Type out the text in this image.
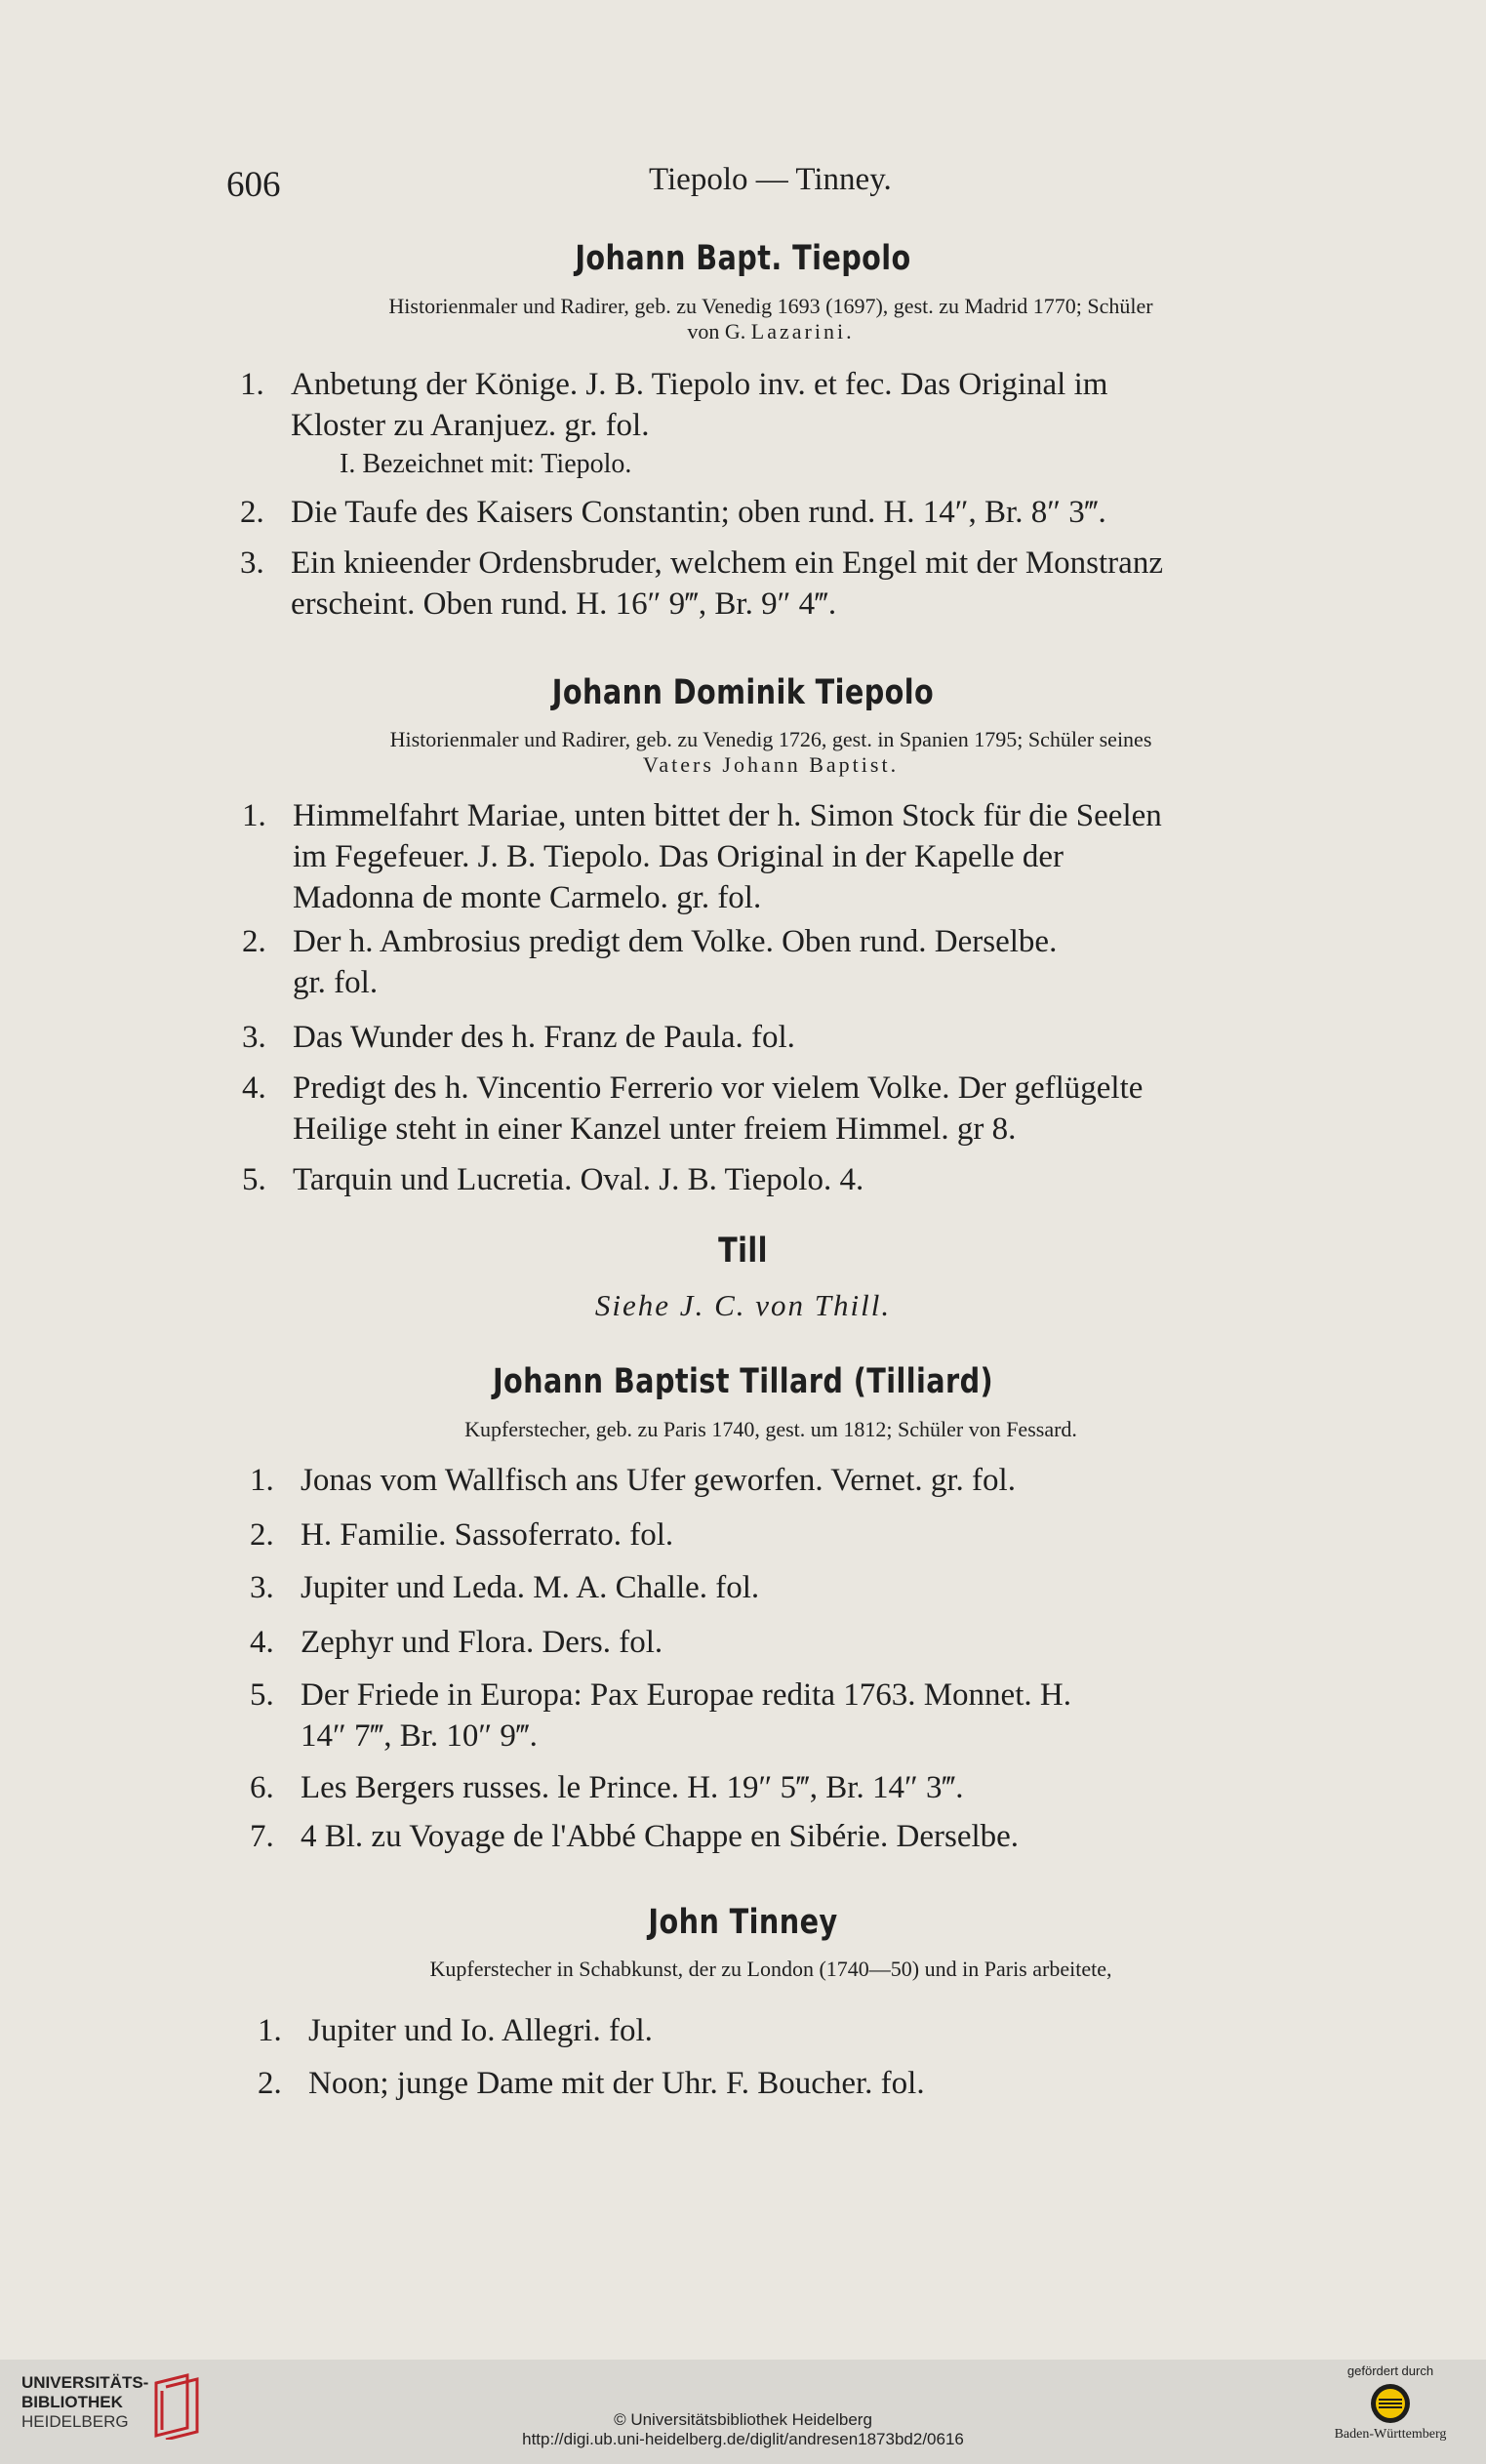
606	Tiepolo — Tinney.
Johann Bapt. Tiepolo
Historienmaler und Radirer, geb. zu Venedig 1693 (1697), gest. zu Madrid 1770; Schüler
von G. Lazarini.
1. Anbetung der Könige. J. B. Tiepolo inv. et fec. Das Original im
Kloster zu Aranjuez. gr. fol.
I. Bezeichnet mit: Tiepolo.
2. Die Taufe des Kaisers Constantin; oben rund. H. 14″, Br. 8″ 3‴.
3. Ein knieender Ordensbruder, welchem ein Engel mit der Monstranz
erscheint. Oben rund. H. 16″ 9‴, Br. 9″ 4‴.
Johann Dominik Tiepolo
Historienmaler und Radirer, geb. zu Venedig 1726, gest. in Spanien 1795; Schüler seines
Vaters Johann Baptist.
1. Himmelfahrt Mariae, unten bittet der h. Simon Stock für die Seelen
im Fegefeuer. J. B. Tiepolo. Das Original in der Kapelle der
Madonna de monte Carmelo. gr. fol.
2. Der h. Ambrosius predigt dem Volke. Oben rund. Derselbe.
gr. fol.
3. Das Wunder des h. Franz de Paula. fol.
4. Predigt des h. Vincentio Ferrerio vor vielem Volke. Der geflügelte
Heilige steht in einer Kanzel unter freiem Himmel. gr 8.
5. Tarquin und Lucretia. Oval. J. B. Tiepolo. 4.
Till
Siehe J. C. von Thill.
Johann Baptist Tillard (Tilliard)
Kupferstecher, geb. zu Paris 1740, gest. um 1812; Schüler von Fessard.
1. Jonas vom Wallfisch ans Ufer geworfen. Vernet. gr. fol.
2. H. Familie. Sassoferrato. fol.
3. Jupiter und Leda. M. A. Challe. fol.
4. Zephyr und Flora. Ders. fol.
5. Der Friede in Europa: Pax Europae redita 1763. Monnet. H.
14″ 7‴, Br. 10″ 9‴.
6. Les Bergers russes. le Prince. H. 19″ 5‴, Br. 14″ 3‴.
7. 4 Bl. zu Voyage de l'Abbé Chappe en Sibérie. Derselbe.
John Tinney
Kupferstecher in Schabkunst, der zu London (1740—50) und in Paris arbeitete,
1. Jupiter und Io. Allegri. fol.
2. Noon; junge Dame mit der Uhr. F. Boucher. fol.
UNIVERSITÄTS-
BIBLIOTHEK
HEIDELBERG	© Universitätsbibliothek Heidelberg
http://digi.ub.uni-heidelberg.de/diglit/andresen1873bd2/0616
gefördert durch
Baden-Württemberg
